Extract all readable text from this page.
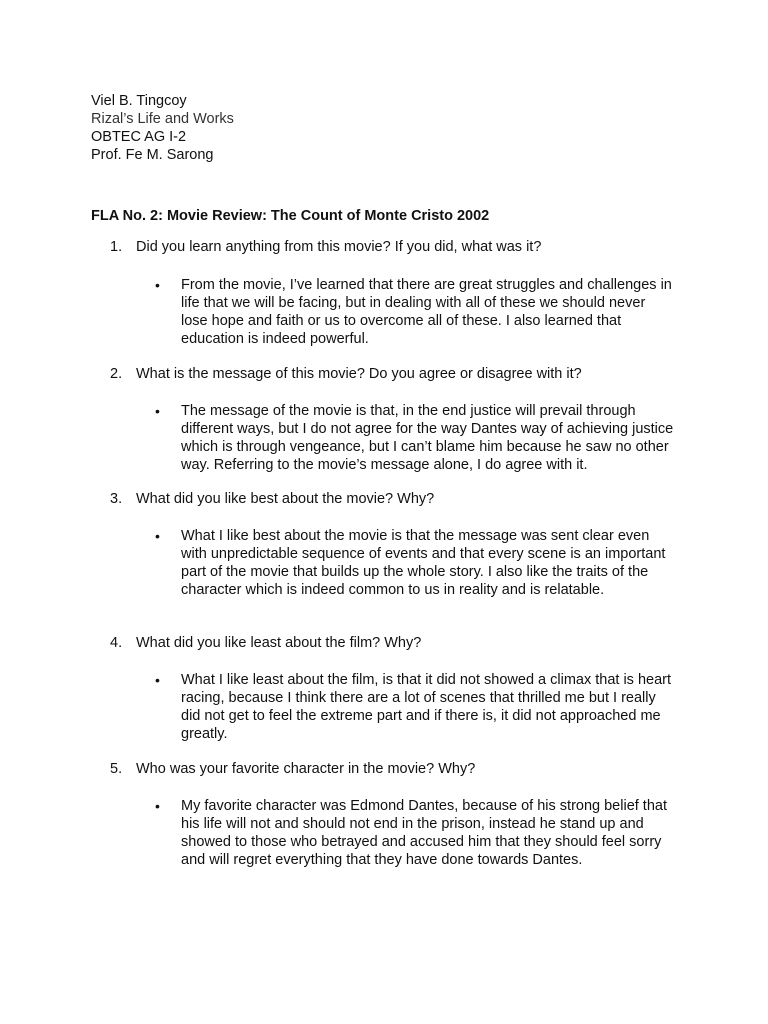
Viel B. Tingcoy
Rizal’s Life and Works
OBTEC AG I-2
Prof. Fe M. Sarong
FLA No. 2: Movie Review: The Count of Monte Cristo 2002
1. Did you learn anything from this movie? If you did, what was it?
•	From the movie, I’ve learned that there are great struggles and challenges in life that we will be facing, but in dealing with all of these we should never lose hope and faith or us to overcome all of these. I also learned that education is indeed powerful.
2. What is the message of this movie? Do you agree or disagree with it?
•	The message of the movie is that, in the end justice will prevail through different ways, but I do not agree for the way Dantes way of achieving justice which is through vengeance, but I can’t blame him because he saw no other way. Referring to the movie’s message alone, I do agree with it.
3. What did you like best about the movie? Why?
•	What I like best about the movie is that the message was sent clear even with unpredictable sequence of events and that every scene is an important part of the movie that builds up the whole story. I also like the traits of the character which is indeed common to us in reality and is relatable.
4. What did you like least about the film? Why?
•	What I like least about the film, is that it did not showed a climax that is heart racing, because I think there are a lot of scenes that thrilled me but I really did not get to feel the extreme part and if there is, it did not approached me greatly.
5. Who was your favorite character in the movie? Why?
•	My favorite character was Edmond Dantes, because of his strong belief that his life will not and should not end in the prison, instead he stand up and showed to those who betrayed and accused him that they should feel sorry and will regret everything that they have done towards Dantes.
